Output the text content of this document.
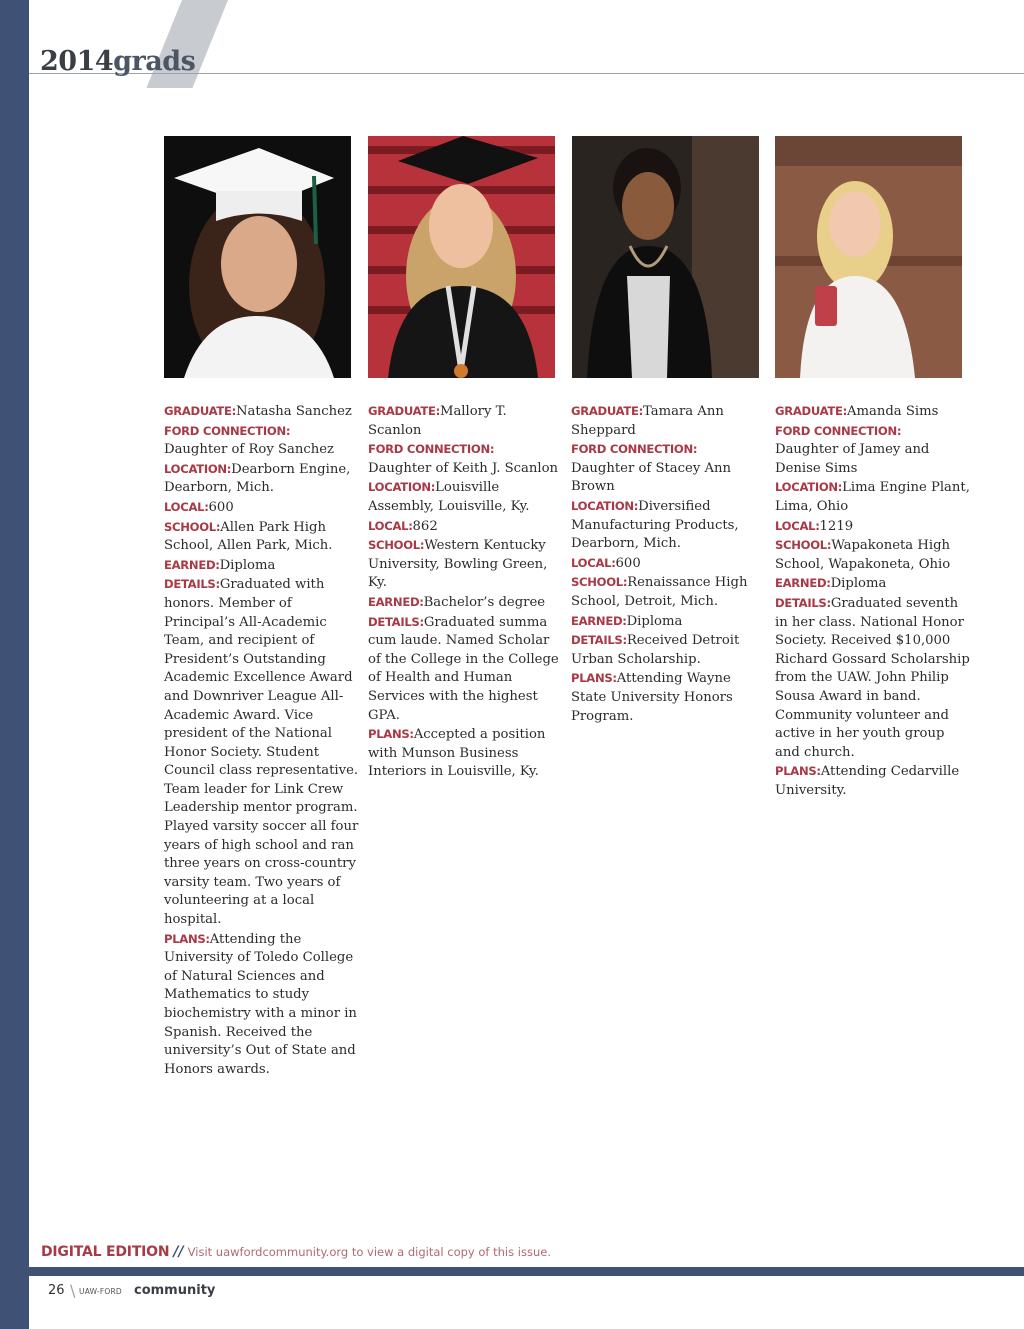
2014grads

GRADUATE:Natasha Sanchez

FORD CONNECTION:
Daughter of Roy Sanchez

LOCATION:Dearborn Engine, Dearborn, Mich.

LOCAL:600

SCHOOL:Allen Park High School, Allen Park, Mich.

EARNED:Diploma

DETAILS:Graduated with honors. Member of Principal’s All-Academic Team, and recipient of President’s Outstanding Academic Excellence Award and Downriver League All-Academic Award. Vice president of the National Honor Society. Student Council class representative. Team leader for Link Crew Leadership mentor program. Played varsity soccer all four years of high school and ran three years on cross-country varsity team. Two years of volunteering at a local hospital.

PLANS:Attending the University of Toledo College of Natural Sciences and Mathematics to study biochemistry with a minor in Spanish. Received the university’s Out of State and Honors awards.

GRADUATE:Mallory T. Scanlon

FORD CONNECTION:
Daughter of Keith J. Scanlon

LOCATION:Louisville Assembly, Louisville, Ky.

LOCAL:862

SCHOOL:Western Kentucky University, Bowling Green, Ky.

EARNED:Bachelor’s degree

DETAILS:Graduated summa cum laude. Named Scholar of the College in the College of Health and Human Services with the highest GPA.

PLANS:Accepted a position with Munson Business Interiors in Louisville, Ky.

GRADUATE:Tamara Ann Sheppard

FORD CONNECTION:
Daughter of Stacey Ann Brown

LOCATION:Diversified Manufacturing Products, Dearborn, Mich.

LOCAL:600

SCHOOL:Renaissance High School, Detroit, Mich.

EARNED:Diploma

DETAILS:Received Detroit Urban Scholarship.

PLANS:Attending Wayne State University Honors Program.

GRADUATE:Amanda Sims

FORD CONNECTION:
Daughter of Jamey and Denise Sims

LOCATION:Lima Engine Plant, Lima, Ohio

LOCAL:1219

SCHOOL:Wapakoneta High School, Wapakoneta, Ohio

EARNED:Diploma

DETAILS:Graduated seventh in her class. National Honor Society. Received $10,000 Richard Gossard Scholarship from the UAW. John Philip Sousa Award in band. Community volunteer and active in her youth group and church.

PLANS:Attending Cedarville University.

DIGITAL EDITION // Visit uawfordcommunity.org to view a digital copy of this issue.
26 \ UAW-FORD community
